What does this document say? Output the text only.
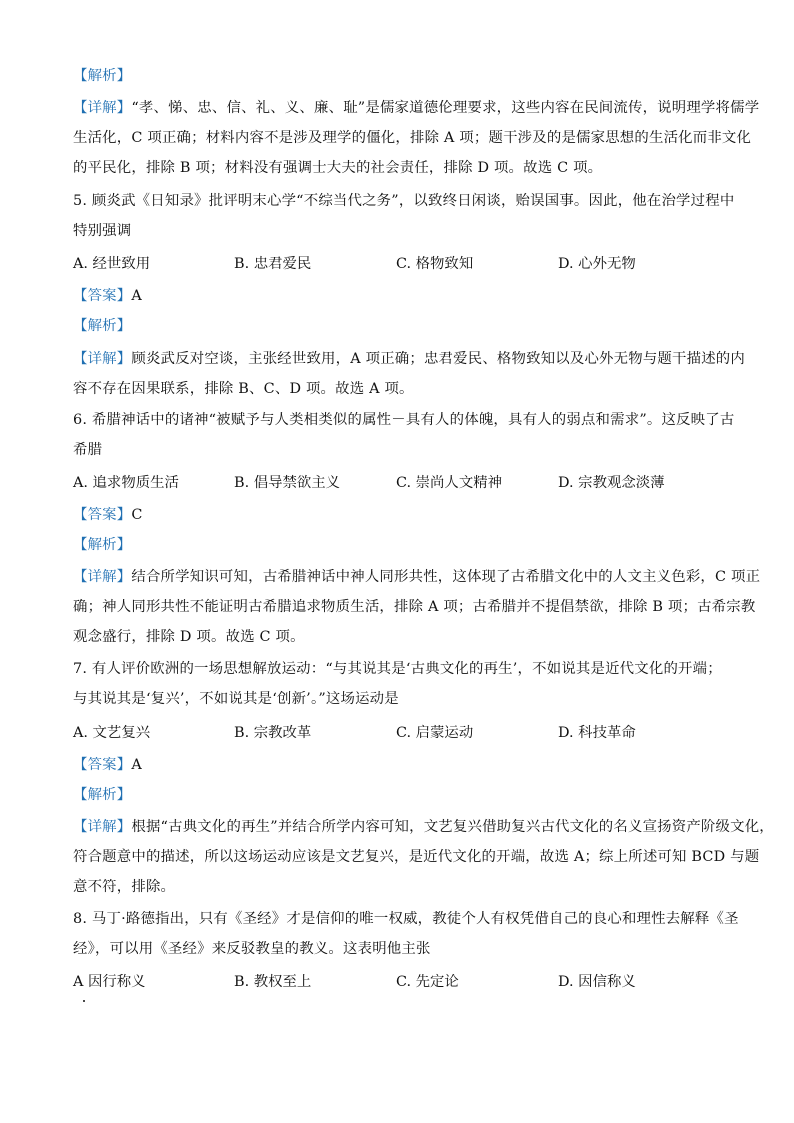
【解析】
【详解】“孝、悌、忠、信、礼、义、廉、耻”是儒家道德伦理要求，这些内容在民间流传，说明理学将儒学
生活化，C 项正确；材料内容不是涉及理学的僵化，排除 A 项；题干涉及的是儒家思想的生活化而非文化
的平民化，排除 B 项；材料没有强调士大夫的社会责任，排除 D 项。故选 C 项。
5. 顾炎武《日知录》批评明末心学“不综当代之务”，以致终日闲谈，贻误国事。因此，他在治学过程中
特别强调
A. 经世致用	B. 忠君爱民	C. 格物致知	D. 心外无物
【答案】A
【解析】
【详解】顾炎武反对空谈，主张经世致用，A 项正确；忠君爱民、格物致知以及心外无物与题干描述的内
容不存在因果联系，排除 B、C、D 项。故选 A 项。
6. 希腊神话中的诸神“被赋予与人类相类似的属性－具有人的体魄，具有人的弱点和需求”。这反映了古
希腊
A. 追求物质生活	B. 倡导禁欲主义	C. 崇尚人文精神	D. 宗教观念淡薄
【答案】C
【解析】
【详解】结合所学知识可知，古希腊神话中神人同形共性，这体现了古希腊文化中的人文主义色彩，C 项正
确；神人同形共性不能证明古希腊追求物质生活，排除 A 项；古希腊并不提倡禁欲，排除 B 项；古希宗教
观念盛行，排除 D 项。故选 C 项。
7. 有人评价欧洲的一场思想解放运动：“与其说其是‘古典文化的再生’，不如说其是近代文化的开端；
与其说其是‘复兴’，不如说其是‘创新’。”这场运动是
A. 文艺复兴	B. 宗教改革	C. 启蒙运动	D. 科技革命
【答案】A
【解析】
【详解】根据“古典文化的再生”并结合所学内容可知，文艺复兴借助复兴古代文化的名义宣扬资产阶级文化，
符合题意中的描述，所以这场运动应该是文艺复兴，是近代文化的开端，故选 A；综上所述可知 BCD 与题
意不符，排除。
8. 马丁·路德指出，只有《圣经》才是信仰的唯一权威，教徒个人有权凭借自己的良心和理性去解释《圣
经》，可以用《圣经》来反驳教皇的教义。这表明他主张
A 因行称义	B. 教权至上	C. 先定论	D. 因信称义
